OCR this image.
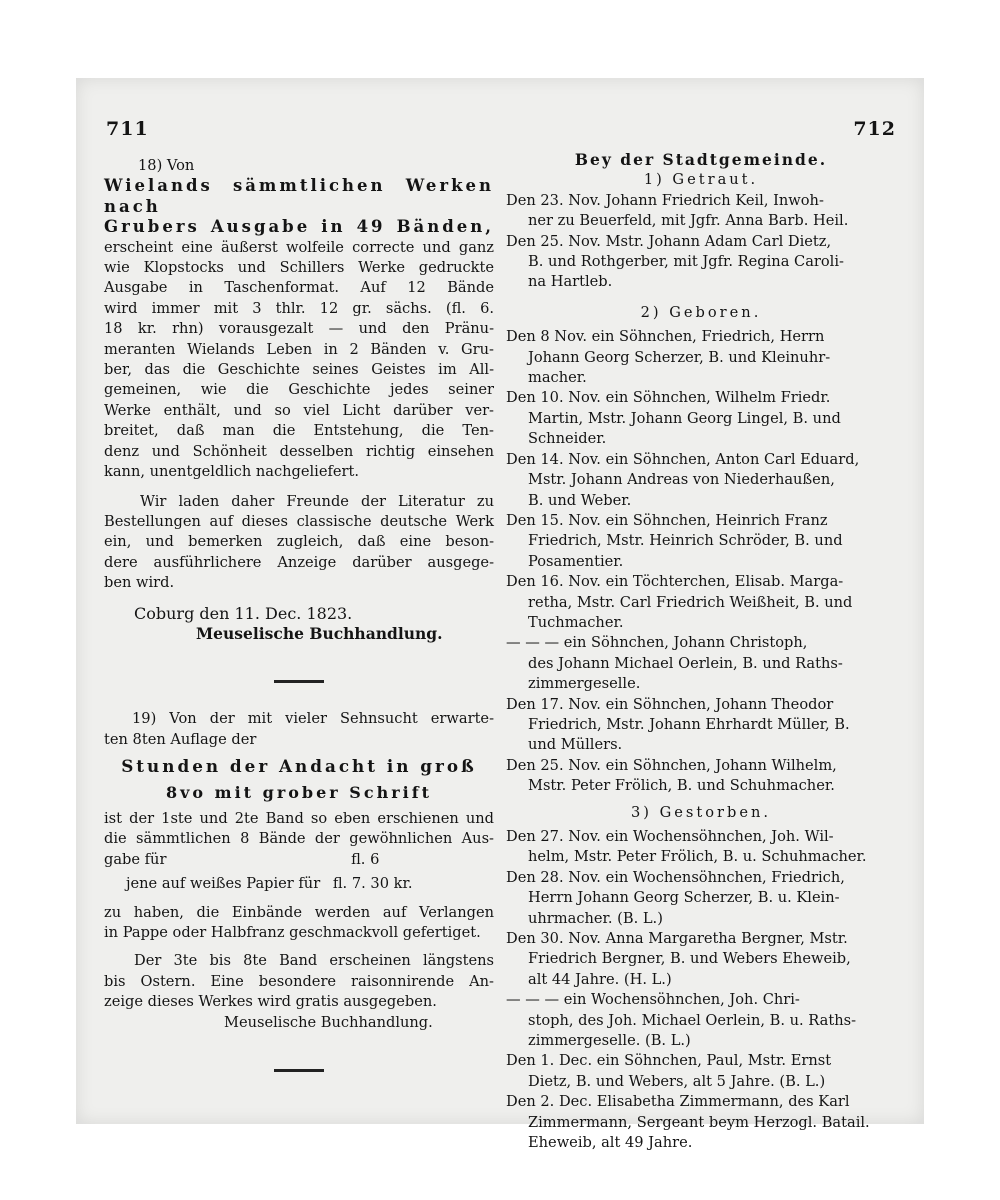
711	712
18) Von
Wielands sämmtlichen Werken nach
Grubers Ausgabe in 49 Bänden,
erscheint eine äußerst wolfeile correcte und ganz
wie Klopstocks und Schillers Werke gedruckte
Ausgabe in Taschenformat. Auf 12 Bände
wird immer mit 3 thlr. 12 gr. sächs. (fl. 6.
18 kr. rhn) vorausgezalt — und den Pränu-
meranten Wielands Leben in 2 Bänden v. Gru-
ber, das die Geschichte seines Geistes im All-
gemeinen, wie die Geschichte jedes seiner
Werke enthält, und so viel Licht darüber ver-
breitet, daß man die Entstehung, die Ten-
denz und Schönheit desselben richtig einsehen
kann, unentgeldlich nachgeliefert.
Wir laden daher Freunde der Literatur zu
Bestellungen auf dieses classische deutsche Werk
ein, und bemerken zugleich, daß eine beson-
dere ausführlichere Anzeige darüber ausgege-
ben wird.
Coburg den 11. Dec. 1823.
Meuselische Buchhandlung.
19) Von der mit vieler Sehnsucht erwarte-
ten 8ten Auflage der
Stunden der Andacht in groß
8vo mit grober Schrift
ist der 1ste und 2te Band so eben erschienen und
die sämmtlichen 8 Bände der gewöhnlichen Aus-
gabe für	fl. 6
jene auf weißes Papier für fl. 7. 30 kr.
zu haben, die Einbände werden auf Verlangen
in Pappe oder Halbfranz geschmackvoll gefertiget.
Der 3te bis 8te Band erscheinen längstens
bis Ostern. Eine besondere raisonnirende An-
zeige dieses Werkes wird gratis ausgegeben.
Meuselische Buchhandlung.
Bey der Stadtgemeinde.
1) Getraut.
Den 23. Nov. Johann Friedrich Keil, Inwoh-
ner zu Beuerfeld, mit Jgfr. Anna Barb. Heil.
Den 25. Nov. Mstr. Johann Adam Carl Dietz,
B. und Rothgerber, mit Jgfr. Regina Caroli-
na Hartleb.
2) Geboren.
Den 8 Nov. ein Söhnchen, Friedrich, Herrn
Johann Georg Scherzer, B. und Kleinuhr-
macher.
Den 10. Nov. ein Söhnchen, Wilhelm Friedr.
Martin, Mstr. Johann Georg Lingel, B. und
Schneider.
Den 14. Nov. ein Söhnchen, Anton Carl Eduard,
Mstr. Johann Andreas von Niederhaußen,
B. und Weber.
Den 15. Nov. ein Söhnchen, Heinrich Franz
Friedrich, Mstr. Heinrich Schröder, B. und
Posamentier.
Den 16. Nov. ein Töchterchen, Elisab. Marga-
retha, Mstr. Carl Friedrich Weißheit, B. und
Tuchmacher.
— — — ein Söhnchen, Johann Christoph,
des Johann Michael Oerlein, B. und Raths-
zimmergeselle.
Den 17. Nov. ein Söhnchen, Johann Theodor
Friedrich, Mstr. Johann Ehrhardt Müller, B.
und Müllers.
Den 25. Nov. ein Söhnchen, Johann Wilhelm,
Mstr. Peter Frölich, B. und Schuhmacher.
3) Gestorben.
Den 27. Nov. ein Wochensöhnchen, Joh. Wil-
helm, Mstr. Peter Frölich, B. u. Schuhmacher.
Den 28. Nov. ein Wochensöhnchen, Friedrich,
Herrn Johann Georg Scherzer, B. u. Klein-
uhrmacher. (B. L.)
Den 30. Nov. Anna Margaretha Bergner, Mstr.
Friedrich Bergner, B. und Webers Eheweib,
alt 44 Jahre. (H. L.)
— — — ein Wochensöhnchen, Joh. Chri-
stoph, des Joh. Michael Oerlein, B. u. Raths-
zimmergeselle. (B. L.)
Den 1. Dec. ein Söhnchen, Paul, Mstr. Ernst
Dietz, B. und Webers, alt 5 Jahre. (B. L.)
Den 2. Dec. Elisabetha Zimmermann, des Karl
Zimmermann, Sergeant beym Herzogl. Batail.
Eheweib, alt 49 Jahre.
